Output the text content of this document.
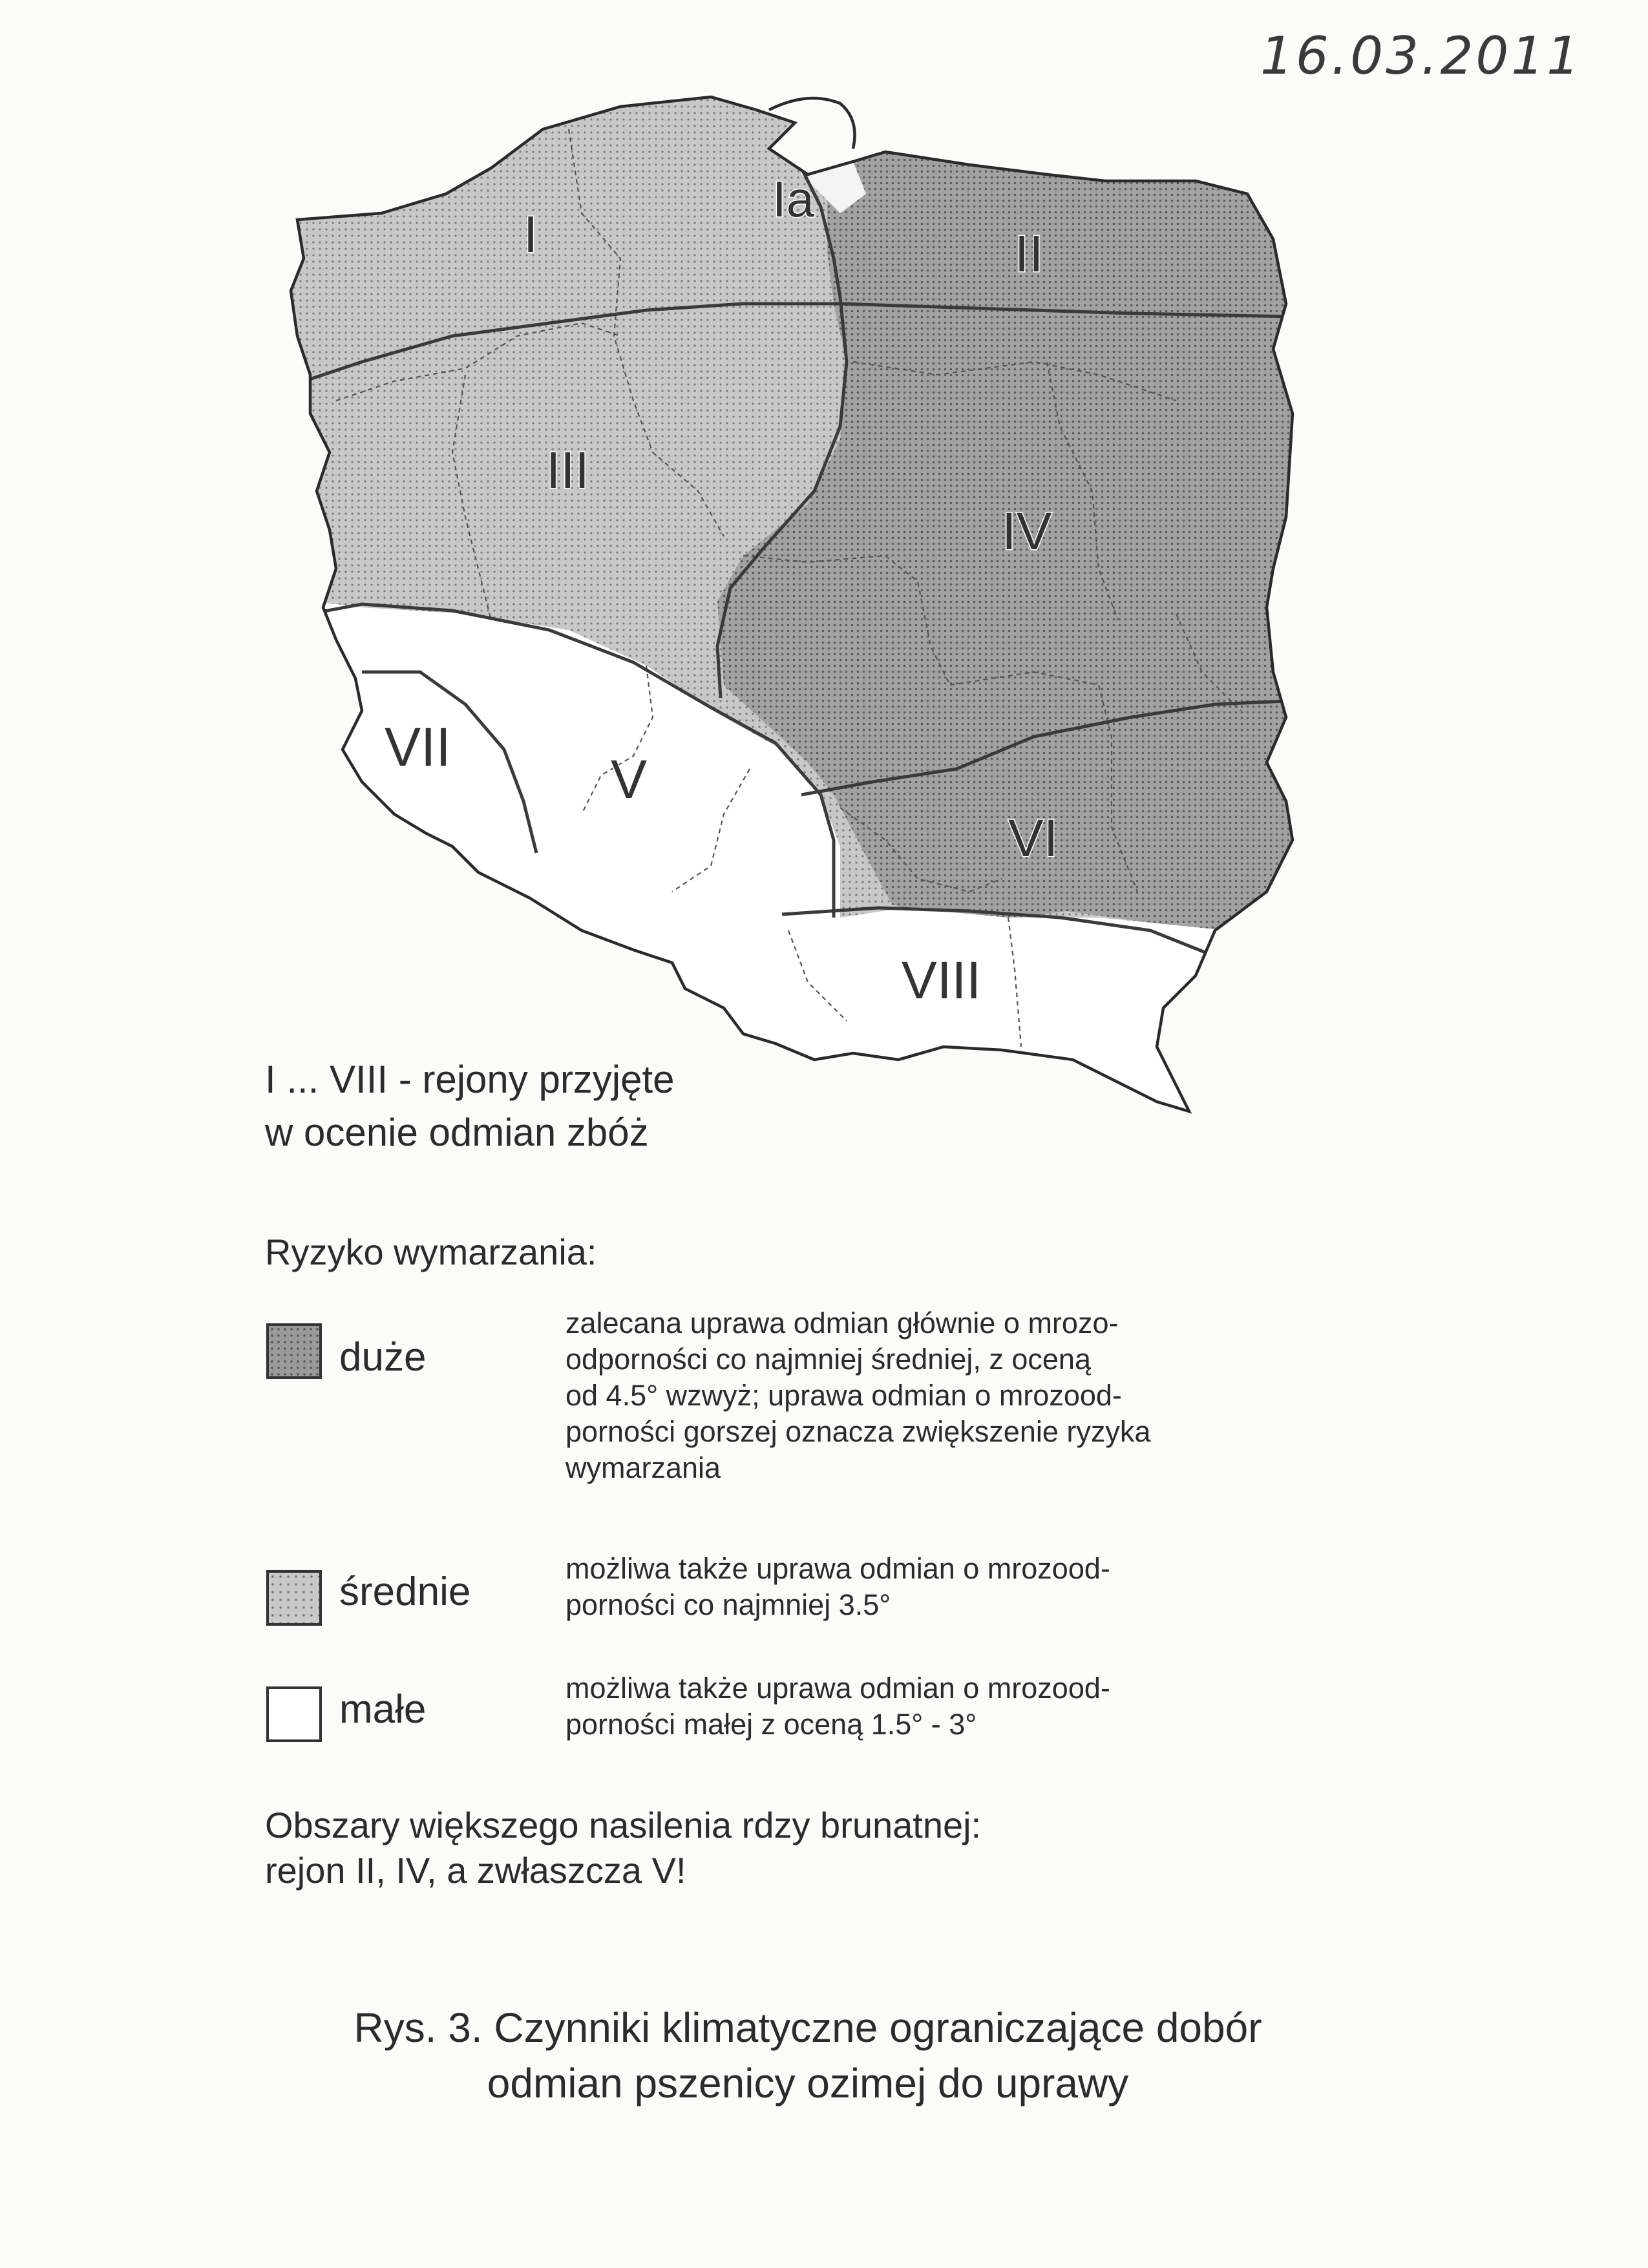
16.03.2011
I
Ia
II
III
IV
V
VI
VII
VIII
I ... VIII - rejony przyjęte
w ocenie odmian zbóż
Ryzyko wymarzania:
duże
zalecana uprawa odmian głównie o mrozo-
odporności co najmniej średniej, z oceną
od 4.5° wzwyż; uprawa odmian o mrozood-
porności gorszej oznacza zwiększenie ryzyka
wymarzania
średnie
możliwa także uprawa odmian o mrozood-
porności co najmniej 3.5°
małe	możliwa także uprawa odmian o mrozood-
porności małej z oceną 1.5° - 3°
Obszary większego nasilenia rdzy brunatnej:
rejon II, IV, a zwłaszcza V!
Rys. 3. Czynniki klimatyczne ograniczające dobór
odmian pszenicy ozimej do uprawy
